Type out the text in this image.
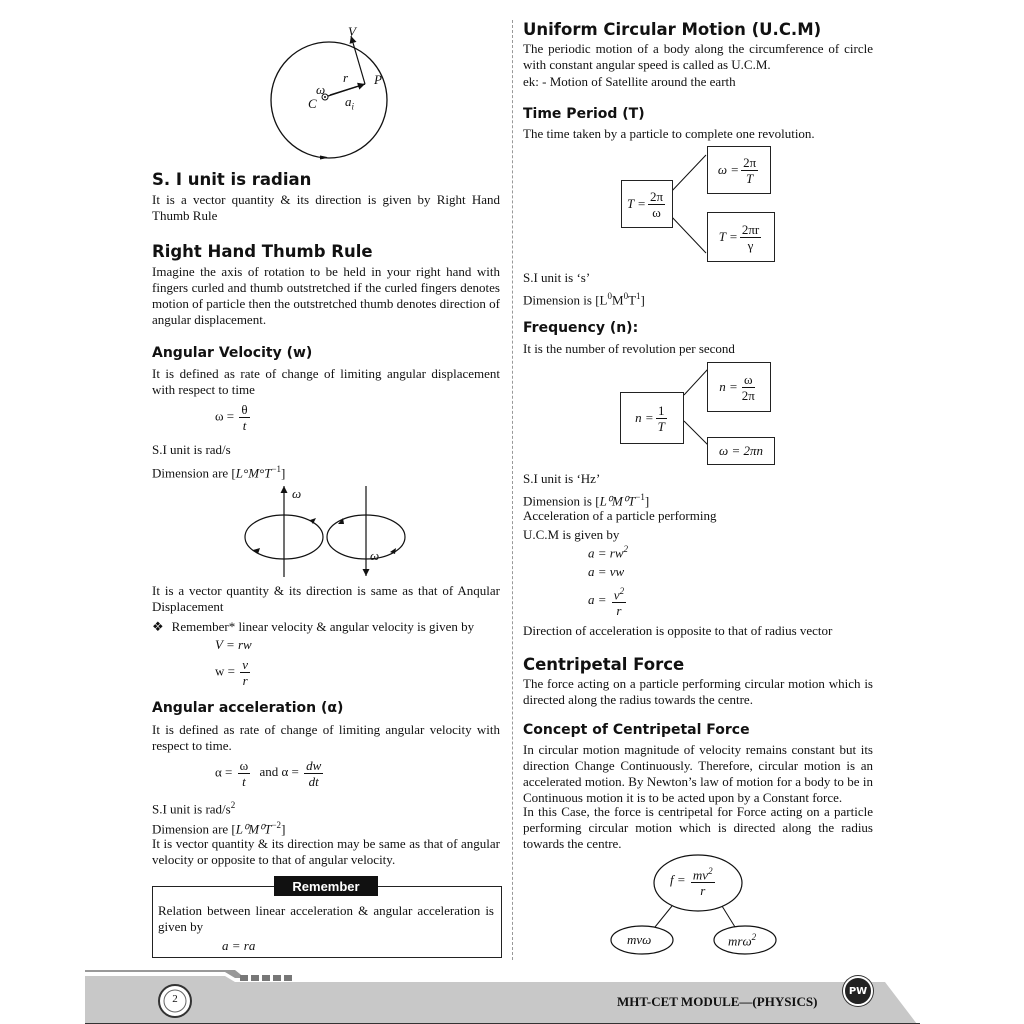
V
r P
ω
C $a_i$
S. I unit is radian
It is a vector quantity & its direction is given by Right Hand Thumb Rule
Right Hand Thumb Rule
Imagine the axis of rotation to be held in your right hand with fingers curled and thumb outstretched if the curled fingers denotes motion of particle then the outstretched thumb denotes direction of angular displacement.
Angular Velocity (w)
It is defined as rate of change of limiting angular displacement with respect to time
$\omega = \frac{\theta}{t}$
S.I unit is rad/s
Dimension are $[L^\circ M^\circ T^{-1}]$
ω
ω
It is a vector quantity & its direction is same as that of Anqular Displacement
❖ Remember* linear velocity & angular velocity is given by
V = rw
$w = \frac{v}{r}$
Angular acceleration (α)
It is defined as rate of change of limiting angular velocity with respect to time.
$\alpha = \frac{\omega}{t}$ and $\alpha = \frac{dw}{dt}$
S.I unit is rad/$s^2$
Dimension are $[L^0M^0T^{-2}]$
It is vector quantity & its direction may be same as that of angular velocity or opposite to that of angular velocity.
Remember
Relation between linear acceleration & angular acceleration is given by
a = ra
Uniform Circular Motion (U.C.M)
The periodic motion of a body along the circumference of circle with constant angular speed is called as U.C.M.
ek: - Motion of Satellite around the earth
Time Period (T)
The time taken by a particle to complete one revolution.
$T = \frac{2\pi}{\omega}$
$\omega = \frac{2\pi}{T}$
$T = \frac{2\pi r}{\gamma}$
S.I unit is ‘s’
Dimension is $[L^0M^0T^1]$
Frequency (n):
It is the number of revolution per second
$n = \frac{1}{T}$
$n = \frac{\omega}{2\pi}$
ω = 2πn
S.I unit is ‘Hz’
Dimension is $[L^0M^0T^{-1}]$
Acceleration of a particle performing
U.C.M is given by
$a = rw^2$
a = vw
$a = \frac{v^2}{r}$
Direction of acceleration is opposite to that of radius vector
Centripetal Force
The force acting on a particle performing circular motion which is directed along the radius towards the centre.
Concept of Centripetal Force
In circular motion magnitude of velocity remains constant but its direction Change Continuously. Therefore, circular motion is an accelerated motion. By Newton’s law of motion for a body to be in Continuous motion it is to be acted upon by a Constant force.
In this Case, the force is centripetal for Force acting on a particle performing circular motion which is directed along the radius towards the centre.
$f = \frac{mv^2}{r}$
mvω	mrω$^2$
2	MHT-CET MODULE—(PHYSICS)
PW
